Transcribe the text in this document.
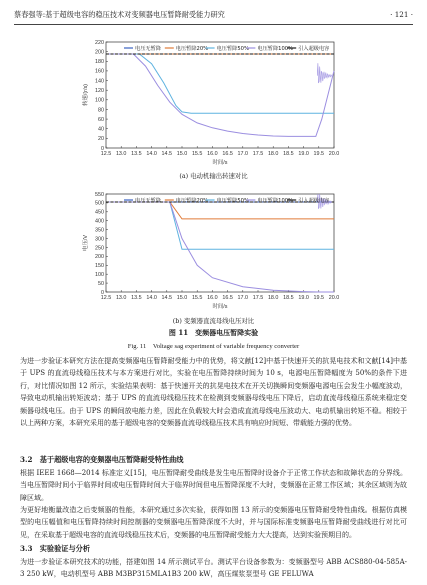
蔡春强等:基于超级电容的稳压技术对变频器电压暂降耐受能力研究	· 121 ·
12.5 13.0 13.5 14.0 14.5 15.0 15.5 16.0 16.5 17.0 17.5 18.0 18.5 19.0 19.5 20.0
0
20
40
60
80
100
120
140
160
180
200
220
时间/s
转速/(r/s)
电压无暂降	电压暂降20% 电压暂降50% 电压暂降100% 引入超级电容
(a) 电动机输出转速对比
12.5 13.0 13.5 14.0 14.5 15.0 15.5 16.0 16.5 17.0 17.5 18.0 18.5 19.0 19.5 20.0
0
50
100
150
200
250
300
350
400
450
500
550
时间/s
电压/V
电压无暂降	电压暂降20% 电压暂降50% 电压暂降100% 引入超级电容
(b) 变频器直流母线电压对比
图 11　变频器电压暂降实验
Fig. 11　Voltage sag experiment of variable frequency converter
为进一步验证本研究方法在提高变频器电压暂降耐受能力中的优势，将文献[12]中基于快速开关的抗晃电技术和文献[14]中基于 UPS 的直流母线稳压技术与本方案进行对比，实验在电压暂降持续时间为 10 s，电源电压暂降幅度为 50%的条件下进行，对比情况如图 12 所示，实验结果表明：基于快速开关的抗晃电技术在开关切换瞬间变频器电源电压会发生小幅度波动，导致电动机输出转矩波动；基于 UPS 的直流母线稳压技术在检测到变频器母线电压下降后，启动直流母线稳压系统来稳定变频器母线电压。由于 UPS 的瞬间放电能力差，因此在负载较大时会造成直流母线电压波动大、电动机输出转矩不稳。相较于以上两种方案，本研究采用的基于超级电容的变频器直流母线稳压技术具有响应时间短、带载能力强的优势。
3.2　基于超级电容的变频器电压暂降耐受特性曲线
根据 IEEE 1668—2014 标准定义[15]，电压暂降耐受曲线是发生电压暂降时设备介于正常工作状态和故障状态的分界线。当电压暂降时间小于临界时间或电压暂降时间大于临界时间但电压暂降深度不大时，变频器在正常工作区域；其余区域则为故障区域。
为更好地衡量改造之后变频器的性能，本研究通过多次实验，获得如图 13 所示的变频器电压暂降耐受特性曲线。根据仿真模型的电压幅值和电压暂降持续时间控制器的变频器电压暂降深度不大时，并与国际标准变频器电压暂降耐受曲线进行对比可见，在采取基于超级电容的直流母线稳压技术后，变频器的电压暂降耐受能力大大提高，达到实验预期目的。
3.3　实验验证与分析
为进一步验证本研究技术的功能，搭建如图 14 所示测试平台。测试平台设备参数为：变频器型号 ABB ACS880-04-585A-3 250 kW，电动机型号 ABB M3BP315MLA1B3 200 kW，高压煤浆泵型号 GE FELUWA
